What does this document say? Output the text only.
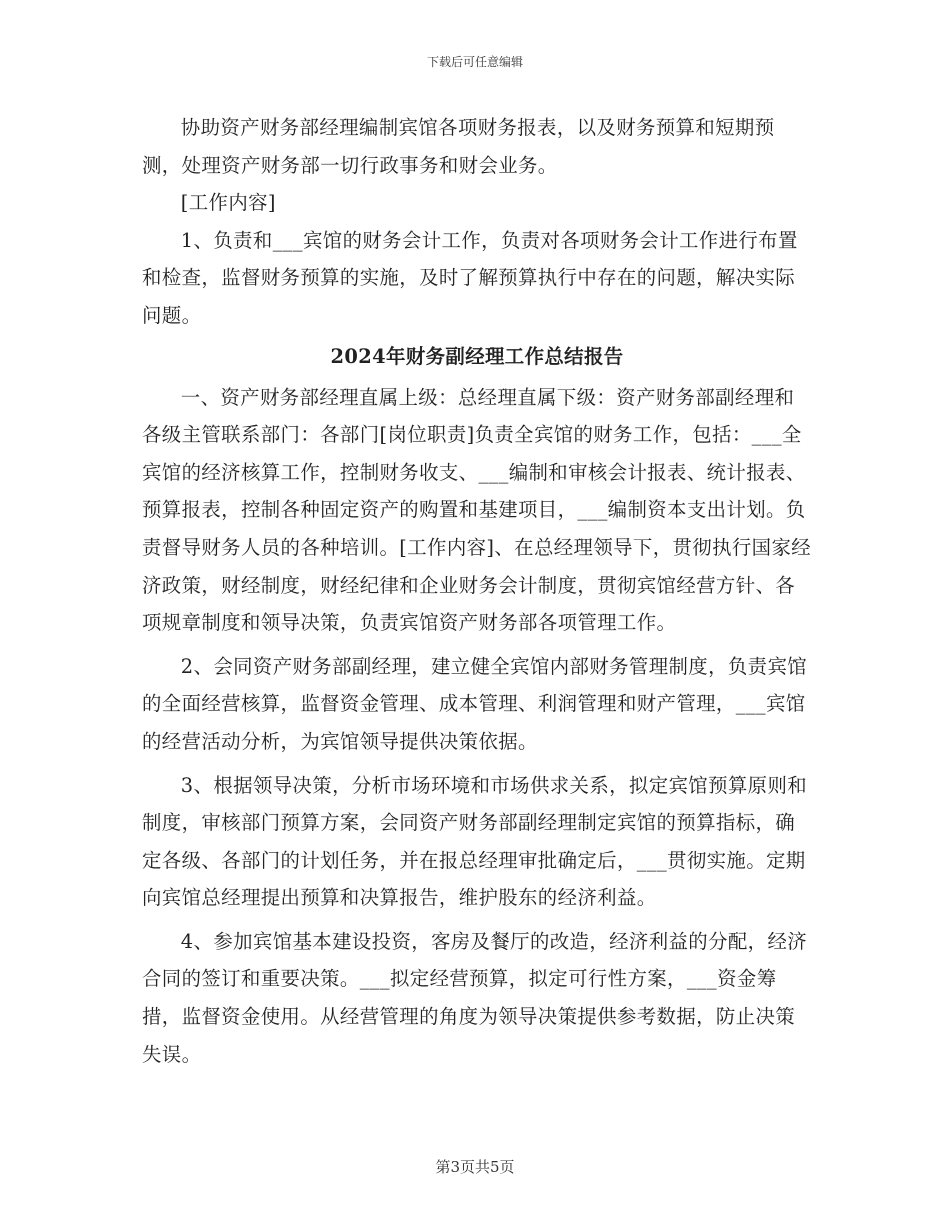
下载后可任意编辑

协助资产财务部经理编制宾馆各项财务报表，以及财务预算和短期预测，处理资产财务部一切行政事务和财会业务。

[工作内容]

1、负责和___宾馆的财务会计工作，负责对各项财务会计工作进行布置和检查，监督财务预算的实施，及时了解预算执行中存在的问题，解决实际问题。

2024年财务副经理工作总结报告

一、资产财务部经理直属上级：总经理直属下级：资产财务部副经理和各级主管联系部门：各部门[岗位职责]负责全宾馆的财务工作，包括：___全宾馆的经济核算工作，控制财务收支、___编制和审核会计报表、统计报表、预算报表，控制各种固定资产的购置和基建项目，___编制资本支出计划。负责督导财务人员的各种培训。[工作内容]、在总经理领导下，贯彻执行国家经济政策，财经制度，财经纪律和企业财务会计制度，贯彻宾馆经营方针、各项规章制度和领导决策，负责宾馆资产财务部各项管理工作。

2、会同资产财务部副经理，建立健全宾馆内部财务管理制度，负责宾馆的全面经营核算，监督资金管理、成本管理、利润管理和财产管理，___宾馆的经营活动分析，为宾馆领导提供决策依据。

3、根据领导决策，分析市场环境和市场供求关系，拟定宾馆预算原则和制度，审核部门预算方案，会同资产财务部副经理制定宾馆的预算指标，确定各级、各部门的计划任务，并在报总经理审批确定后，___贯彻实施。定期向宾馆总经理提出预算和决算报告，维护股东的经济利益。

4、参加宾馆基本建设投资，客房及餐厅的改造，经济利益的分配，经济合同的签订和重要决策。___拟定经营预算，拟定可行性方案，___资金筹措，监督资金使用。从经营管理的角度为领导决策提供参考数据，防止决策失误。

第3页共5页
